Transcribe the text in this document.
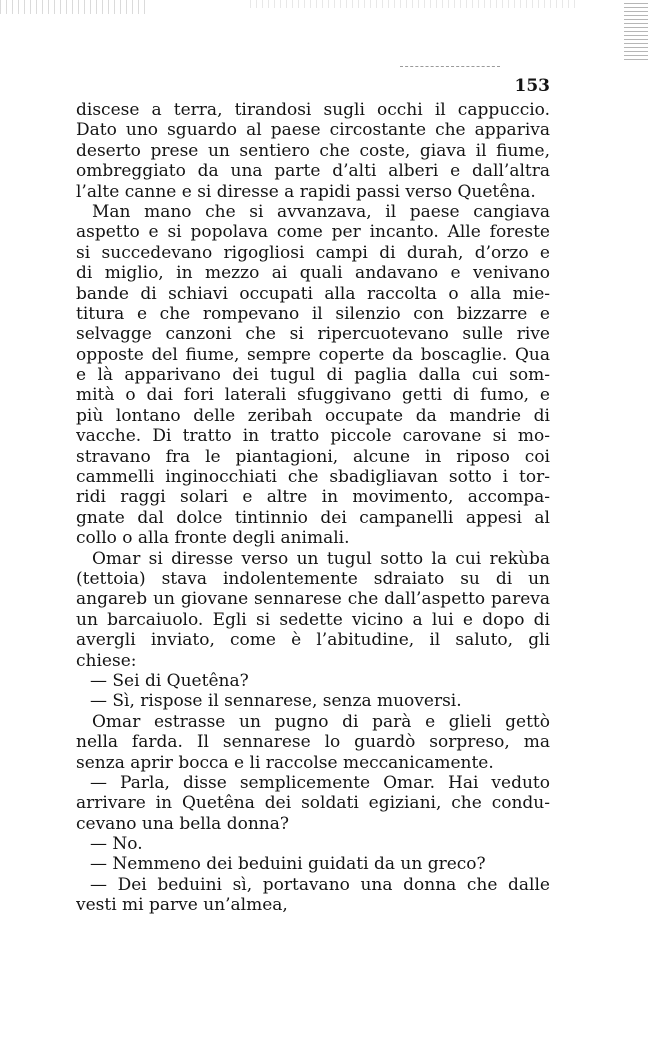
153
discese a terra, tirandosi sugli occhi il cappuccio.
Dato uno sguardo al paese circostante che appariva
deserto prese un sentiero che coste, giava il fiume,
ombreggiato da una parte d’alti alberi e dall’altra
l’alte canne e si diresse a rapidi passi verso Quetêna.
Man mano che si avvanzava, il paese cangiava
aspetto e si popolava come per incanto. Alle foreste
si succedevano rigogliosi campi di durah, d’orzo e
di miglio, in mezzo ai quali andavano e venivano
bande di schiavi occupati alla raccolta o alla mie-
titura e che rompevano il silenzio con bizzarre e
selvagge canzoni che si ripercuotevano sulle rive
opposte del fiume, sempre coperte da boscaglie. Qua
e là apparivano dei tugul di paglia dalla cui som-
mità o dai fori laterali sfuggivano getti di fumo, e
più lontano delle zeribah occupate da mandrie di
vacche. Di tratto in tratto piccole carovane si mo-
stravano fra le piantagioni, alcune in riposo coi
cammelli inginocchiati che sbadigliavan sotto i tor-
ridi raggi solari e altre in movimento, accompa-
gnate dal dolce tintinnio dei campanelli appesi al
collo o alla fronte degli animali.
Omar si diresse verso un tugul sotto la cui rekùba
(tettoia) stava indolentemente sdraiato su di un
angareb un giovane sennarese che dall’aspetto pareva
un barcaiuolo. Egli si sedette vicino a lui e dopo di
avergli inviato, come è l’abitudine, il saluto, gli
chiese:
— Sei di Quetêna?
— Sì, rispose il sennarese, senza muoversi.
Omar estrasse un pugno di parà e glieli gettò
nella farda. Il sennarese lo guardò sorpreso, ma
senza aprir bocca e li raccolse meccanicamente.
— Parla, disse semplicemente Omar. Hai veduto
arrivare in Quetêna dei soldati egiziani, che condu-
cevano una bella donna?
— No.
— Nemmeno dei beduini guidati da un greco?
— Dei beduini sì, portavano una donna che dalle
vesti mi parve un’almea,
